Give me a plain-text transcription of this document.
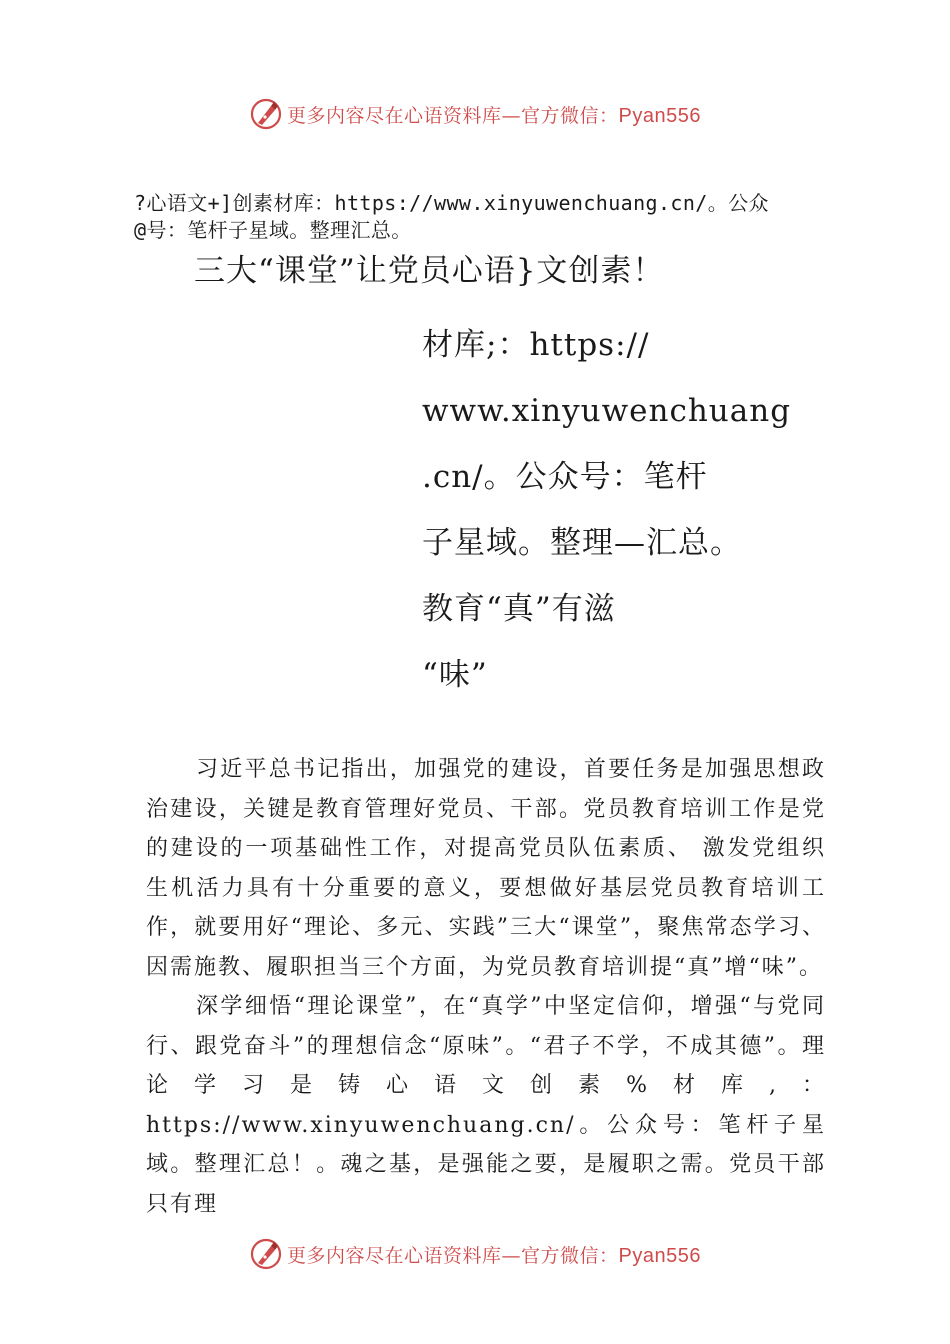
更多内容尽在心语资料库—官方微信：Pyan556
?心语文+]创素材库：https://www.xinyuwenchuang.cn/。公众
@号：笔杆子星域。整理汇总。
三大“课堂”让党员心语}文创素！
材库;：https://
www.xinyuwenchuang
.cn/。公众号：笔杆
子星域。整理—汇总。
教育“真”有滋
“味”

习近平总书记指出，加强党的建设，首要任务是加强思想政治建设，关键是教育管理好党员、干部。党员教育培训工作是党的建设的一项基础性工作，对提高党员队伍素质、 激发党组织生机活力具有十分重要的意义，要想做好基层党员教育培训工作，就要用好“理论、多元、实践”三大“课堂”，聚焦常态学习、因需施教、履职担当三个方面，为党员教育培训提“真”增“味”。

深学细悟“理论课堂”，在“真学”中坚定信仰，增强“与党同行、跟党奋斗”的理想信念“原味”。“君子不学，不成其德”。理论学习是铸心语文创素%材库,：https://www.xinyuwenchuang.cn/。公众号：笔杆子星域。整理汇总！。魂之基，是强能之要，是履职之需。党员干部只有理

更多内容尽在心语资料库—官方微信：Pyan556
